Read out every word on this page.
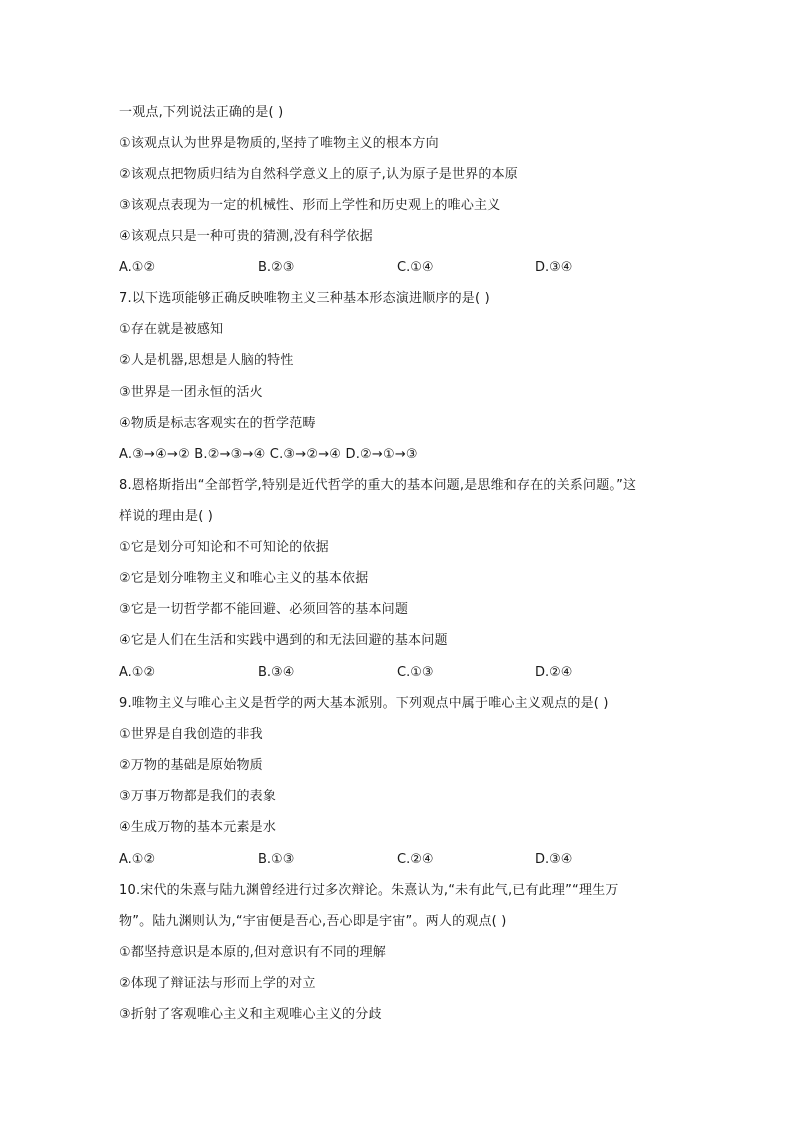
一观点,下列说法正确的是( )
①该观点认为世界是物质的,坚持了唯物主义的根本方向
②该观点把物质归结为自然科学意义上的原子,认为原子是世界的本原
③该观点表现为一定的机械性、形而上学性和历史观上的唯心主义
④该观点只是一种可贵的猜测,没有科学依据
A.①②	B.②③	C.①④	D.③④
7.以下选项能够正确反映唯物主义三种基本形态演进顺序的是( )
①存在就是被感知
②人是机器,思想是人脑的特性
③世界是一团永恒的活火
④物质是标志客观实在的哲学范畴
A.③→④→② B.②→③→④ C.③→②→④ D.②→①→③
8.恩格斯指出“全部哲学,特别是近代哲学的重大的基本问题,是思维和存在的关系问题。”这
样说的理由是( )
①它是划分可知论和不可知论的依据
②它是划分唯物主义和唯心主义的基本依据
③它是一切哲学都不能回避、必须回答的基本问题
④它是人们在生活和实践中遇到的和无法回避的基本问题
A.①②	B.③④	C.①③	D.②④
9.唯物主义与唯心主义是哲学的两大基本派别。下列观点中属于唯心主义观点的是( )
①世界是自我创造的非我
②万物的基础是原始物质
③万事万物都是我们的表象
④生成万物的基本元素是水
A.①②	B.①③	C.②④	D.③④
10.宋代的朱熹与陆九渊曾经进行过多次辩论。朱熹认为,“未有此气,已有此理”“理生万
物”。陆九渊则认为,“宇宙便是吾心,吾心即是宇宙”。两人的观点( )
①都坚持意识是本原的,但对意识有不同的理解
②体现了辩证法与形而上学的对立
③折射了客观唯心主义和主观唯心主义的分歧
